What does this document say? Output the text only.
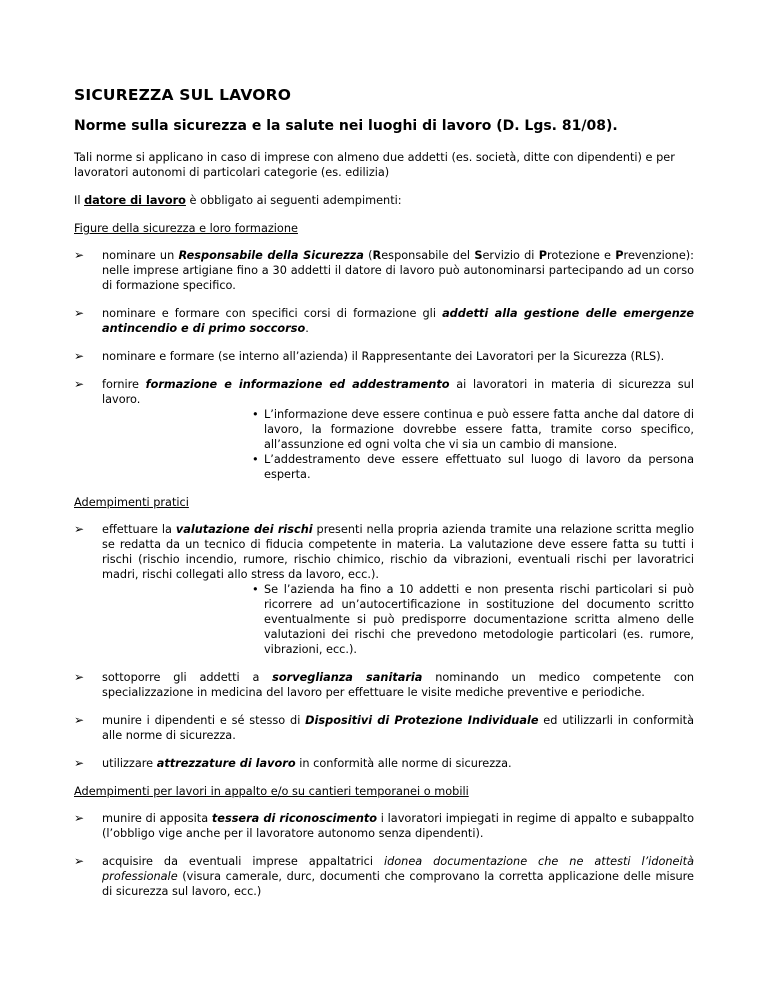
SICUREZZA SUL LAVORO
Norme sulla sicurezza e la salute nei luoghi di lavoro (D. Lgs. 81/08).

Tali norme si applicano in caso di imprese con almeno due addetti (es. società, ditte con dipendenti) e per lavoratori autonomi di particolari categorie (es. edilizia)

Il datore di lavoro è obbligato ai seguenti adempimenti:

Figure della sicurezza e loro formazione
➢ nominare un Responsabile della Sicurezza (Responsabile del Servizio di Protezione e Prevenzione): nelle imprese artigiane fino a 30 addetti il datore di lavoro può autonominarsi partecipando ad un corso di formazione specifico.
➢ nominare e formare con specifici corsi di formazione gli addetti alla gestione delle emergenze antincendio e di primo soccorso.
➢ nominare e formare (se interno all’azienda) il Rappresentante dei Lavoratori per la Sicurezza (RLS).
➢ fornire formazione e informazione ed addestramento ai lavoratori in materia di sicurezza sul lavoro.
• L’informazione deve essere continua e può essere fatta anche dal datore di lavoro, la formazione dovrebbe essere fatta, tramite corso specifico, all’assunzione ed ogni volta che vi sia un cambio di mansione.
• L’addestramento deve essere effettuato sul luogo di lavoro da persona esperta.
Adempimenti pratici
➢ effettuare la valutazione dei rischi presenti nella propria azienda tramite una relazione scritta meglio se redatta da un tecnico di fiducia competente in materia. La valutazione deve essere fatta su tutti i rischi (rischio incendio, rumore, rischio chimico, rischio da vibrazioni, eventuali rischi per lavoratrici madri, rischi collegati allo stress da lavoro, ecc.).
• Se l’azienda ha fino a 10 addetti e non presenta rischi particolari si può ricorrere ad un’autocertificazione in sostituzione del documento scritto eventualmente si può predisporre documentazione scritta almeno delle valutazioni dei rischi che prevedono metodologie particolari (es. rumore, vibrazioni, ecc.).
➢ sottoporre gli addetti a sorveglianza sanitaria nominando un medico competente con specializzazione in medicina del lavoro per effettuare le visite mediche preventive e periodiche.
➢ munire i dipendenti e sé stesso di Dispositivi di Protezione Individuale ed utilizzarli in conformità alle norme di sicurezza.
➢ utilizzare attrezzature di lavoro in conformità alle norme di sicurezza.
Adempimenti per lavori in appalto e/o su cantieri temporanei o mobili
➢ munire di apposita tessera di riconoscimento i lavoratori impiegati in regime di appalto e subappalto (l’obbligo vige anche per il lavoratore autonomo senza dipendenti).
➢ acquisire da eventuali imprese appaltatrici idonea documentazione che ne attesti l’idoneità professionale (visura camerale, durc, documenti che comprovano la corretta applicazione delle misure di sicurezza sul lavoro, ecc.)
